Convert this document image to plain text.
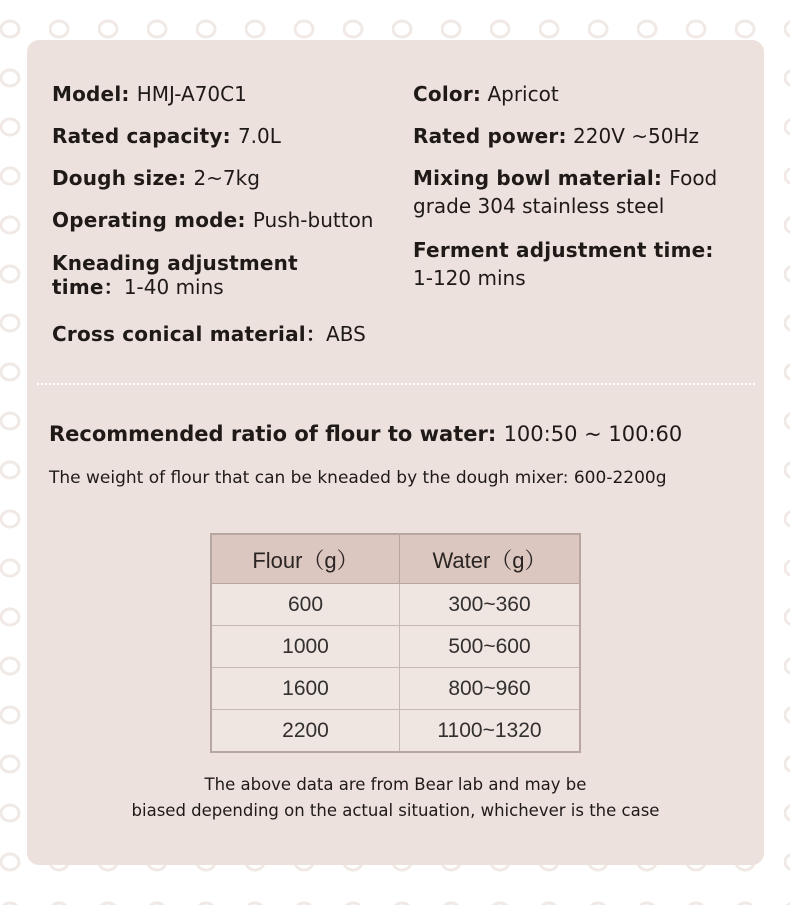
Model: HMJ-A70C1
Rated capacity: 7.0L
Dough size: 2~7kg
Operating mode: Push-button
Kneading adjustment time：1-40 mins
Cross conical material：ABS
Color: Apricot
Rated power: 220V ~50Hz
Mixing bowl material: Food grade 304 stainless steel
Ferment adjustment time:
1-120 mins
Recommended ratio of flour to water: 100:50 ~ 100:60
The weight of flour that can be kneaded by the dough mixer: 600-2200g
Flour（g）	Water（g）
600	300~360
1000	500~600
1600	800~960
2200	1100~1320
The above data are from Bear lab and may be
biased depending on the actual situation, whichever is the case
